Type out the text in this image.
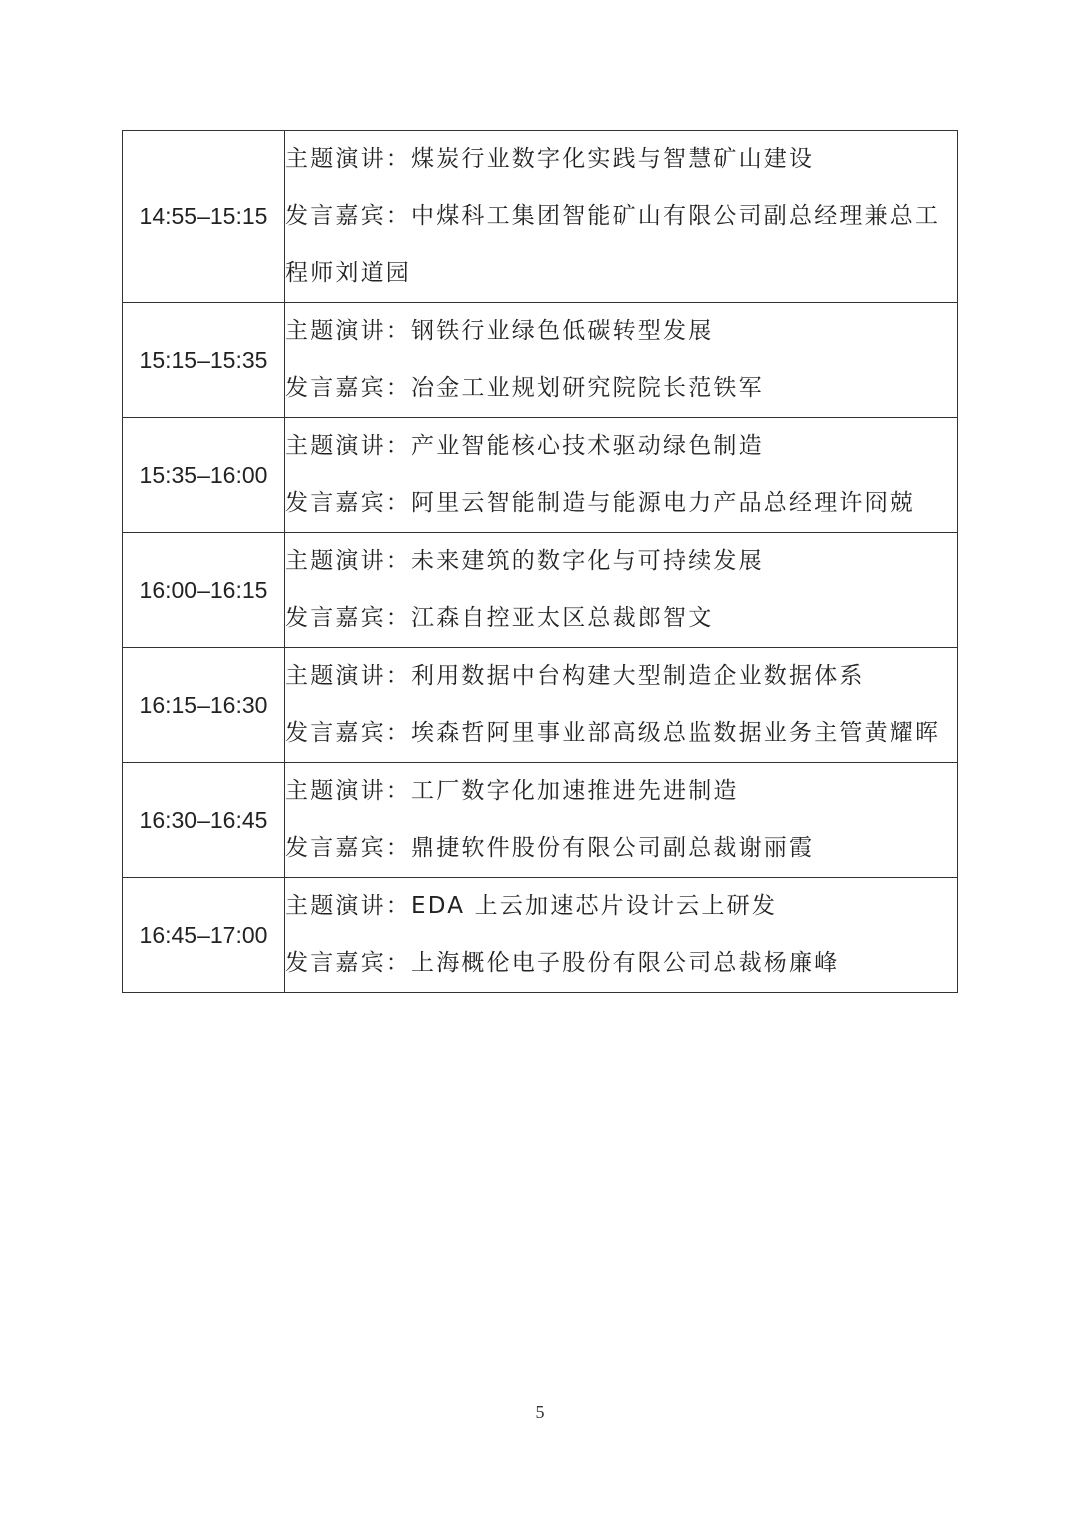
14:55–15:15	主题演讲：煤炭行业数字化实践与智慧矿山建设
发言嘉宾：中煤科工集团智能矿山有限公司副总经理兼总工程师刘道园

15:15–15:35	主题演讲：钢铁行业绿色低碳转型发展
发言嘉宾：冶金工业规划研究院院长范铁军

15:35–16:00	主题演讲：产业智能核心技术驱动绿色制造
发言嘉宾：阿里云智能制造与能源电力产品总经理许冏兢

16:00–16:15	主题演讲：未来建筑的数字化与可持续发展
发言嘉宾：江森自控亚太区总裁郎智文

16:15–16:30	主题演讲：利用数据中台构建大型制造企业数据体系
发言嘉宾：埃森哲阿里事业部高级总监数据业务主管黄耀晖

16:30–16:45	主题演讲：工厂数字化加速推进先进制造
发言嘉宾：鼎捷软件股份有限公司副总裁谢丽霞

16:45–17:00	主题演讲：EDA 上云加速芯片设计云上研发
发言嘉宾：上海概伦电子股份有限公司总裁杨廉峰
5
